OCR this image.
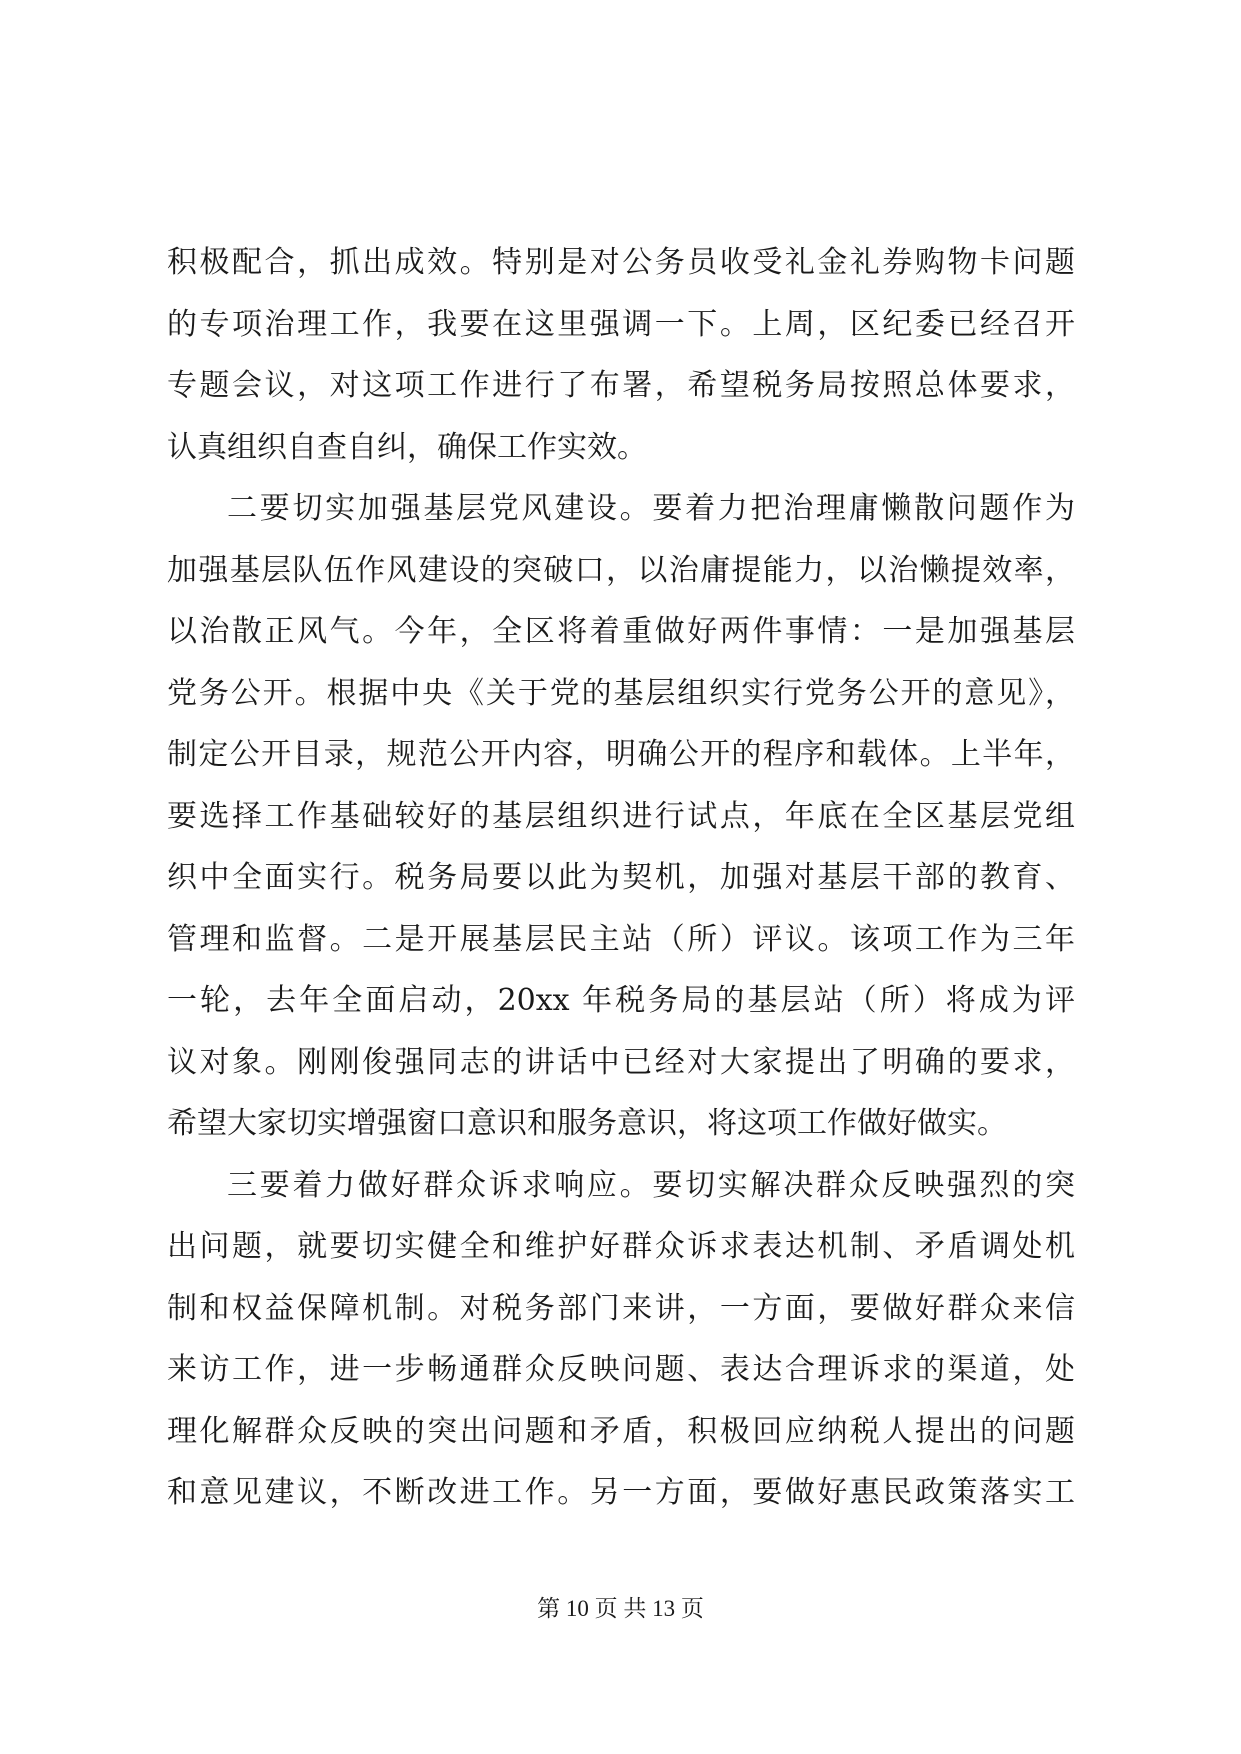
积极配合，抓出成效。特别是对公务员收受礼金礼券购物卡问题
的专项治理工作，我要在这里强调一下。上周，区纪委已经召开
专题会议，对这项工作进行了布署，希望税务局按照总体要求，
认真组织自查自纠，确保工作实效。
二要切实加强基层党风建设。要着力把治理庸懒散问题作为
加强基层队伍作风建设的突破口，以治庸提能力，以治懒提效率，
以治散正风气。今年，全区将着重做好两件事情：一是加强基层
党务公开。根据中央《关于党的基层组织实行党务公开的意见》，
制定公开目录，规范公开内容，明确公开的程序和载体。上半年，
要选择工作基础较好的基层组织进行试点，年底在全区基层党组
织中全面实行。税务局要以此为契机，加强对基层干部的教育、
管理和监督。二是开展基层民主站（所）评议。该项工作为三年
一轮，去年全面启动，20xx 年税务局的基层站（所）将成为评
议对象。刚刚俊强同志的讲话中已经对大家提出了明确的要求，
希望大家切实增强窗口意识和服务意识，将这项工作做好做实。
三要着力做好群众诉求响应。要切实解决群众反映强烈的突
出问题，就要切实健全和维护好群众诉求表达机制、矛盾调处机
制和权益保障机制。对税务部门来讲，一方面，要做好群众来信
来访工作，进一步畅通群众反映问题、表达合理诉求的渠道，处
理化解群众反映的突出问题和矛盾，积极回应纳税人提出的问题
和意见建议，不断改进工作。另一方面，要做好惠民政策落实工
第 10 页 共 13 页
